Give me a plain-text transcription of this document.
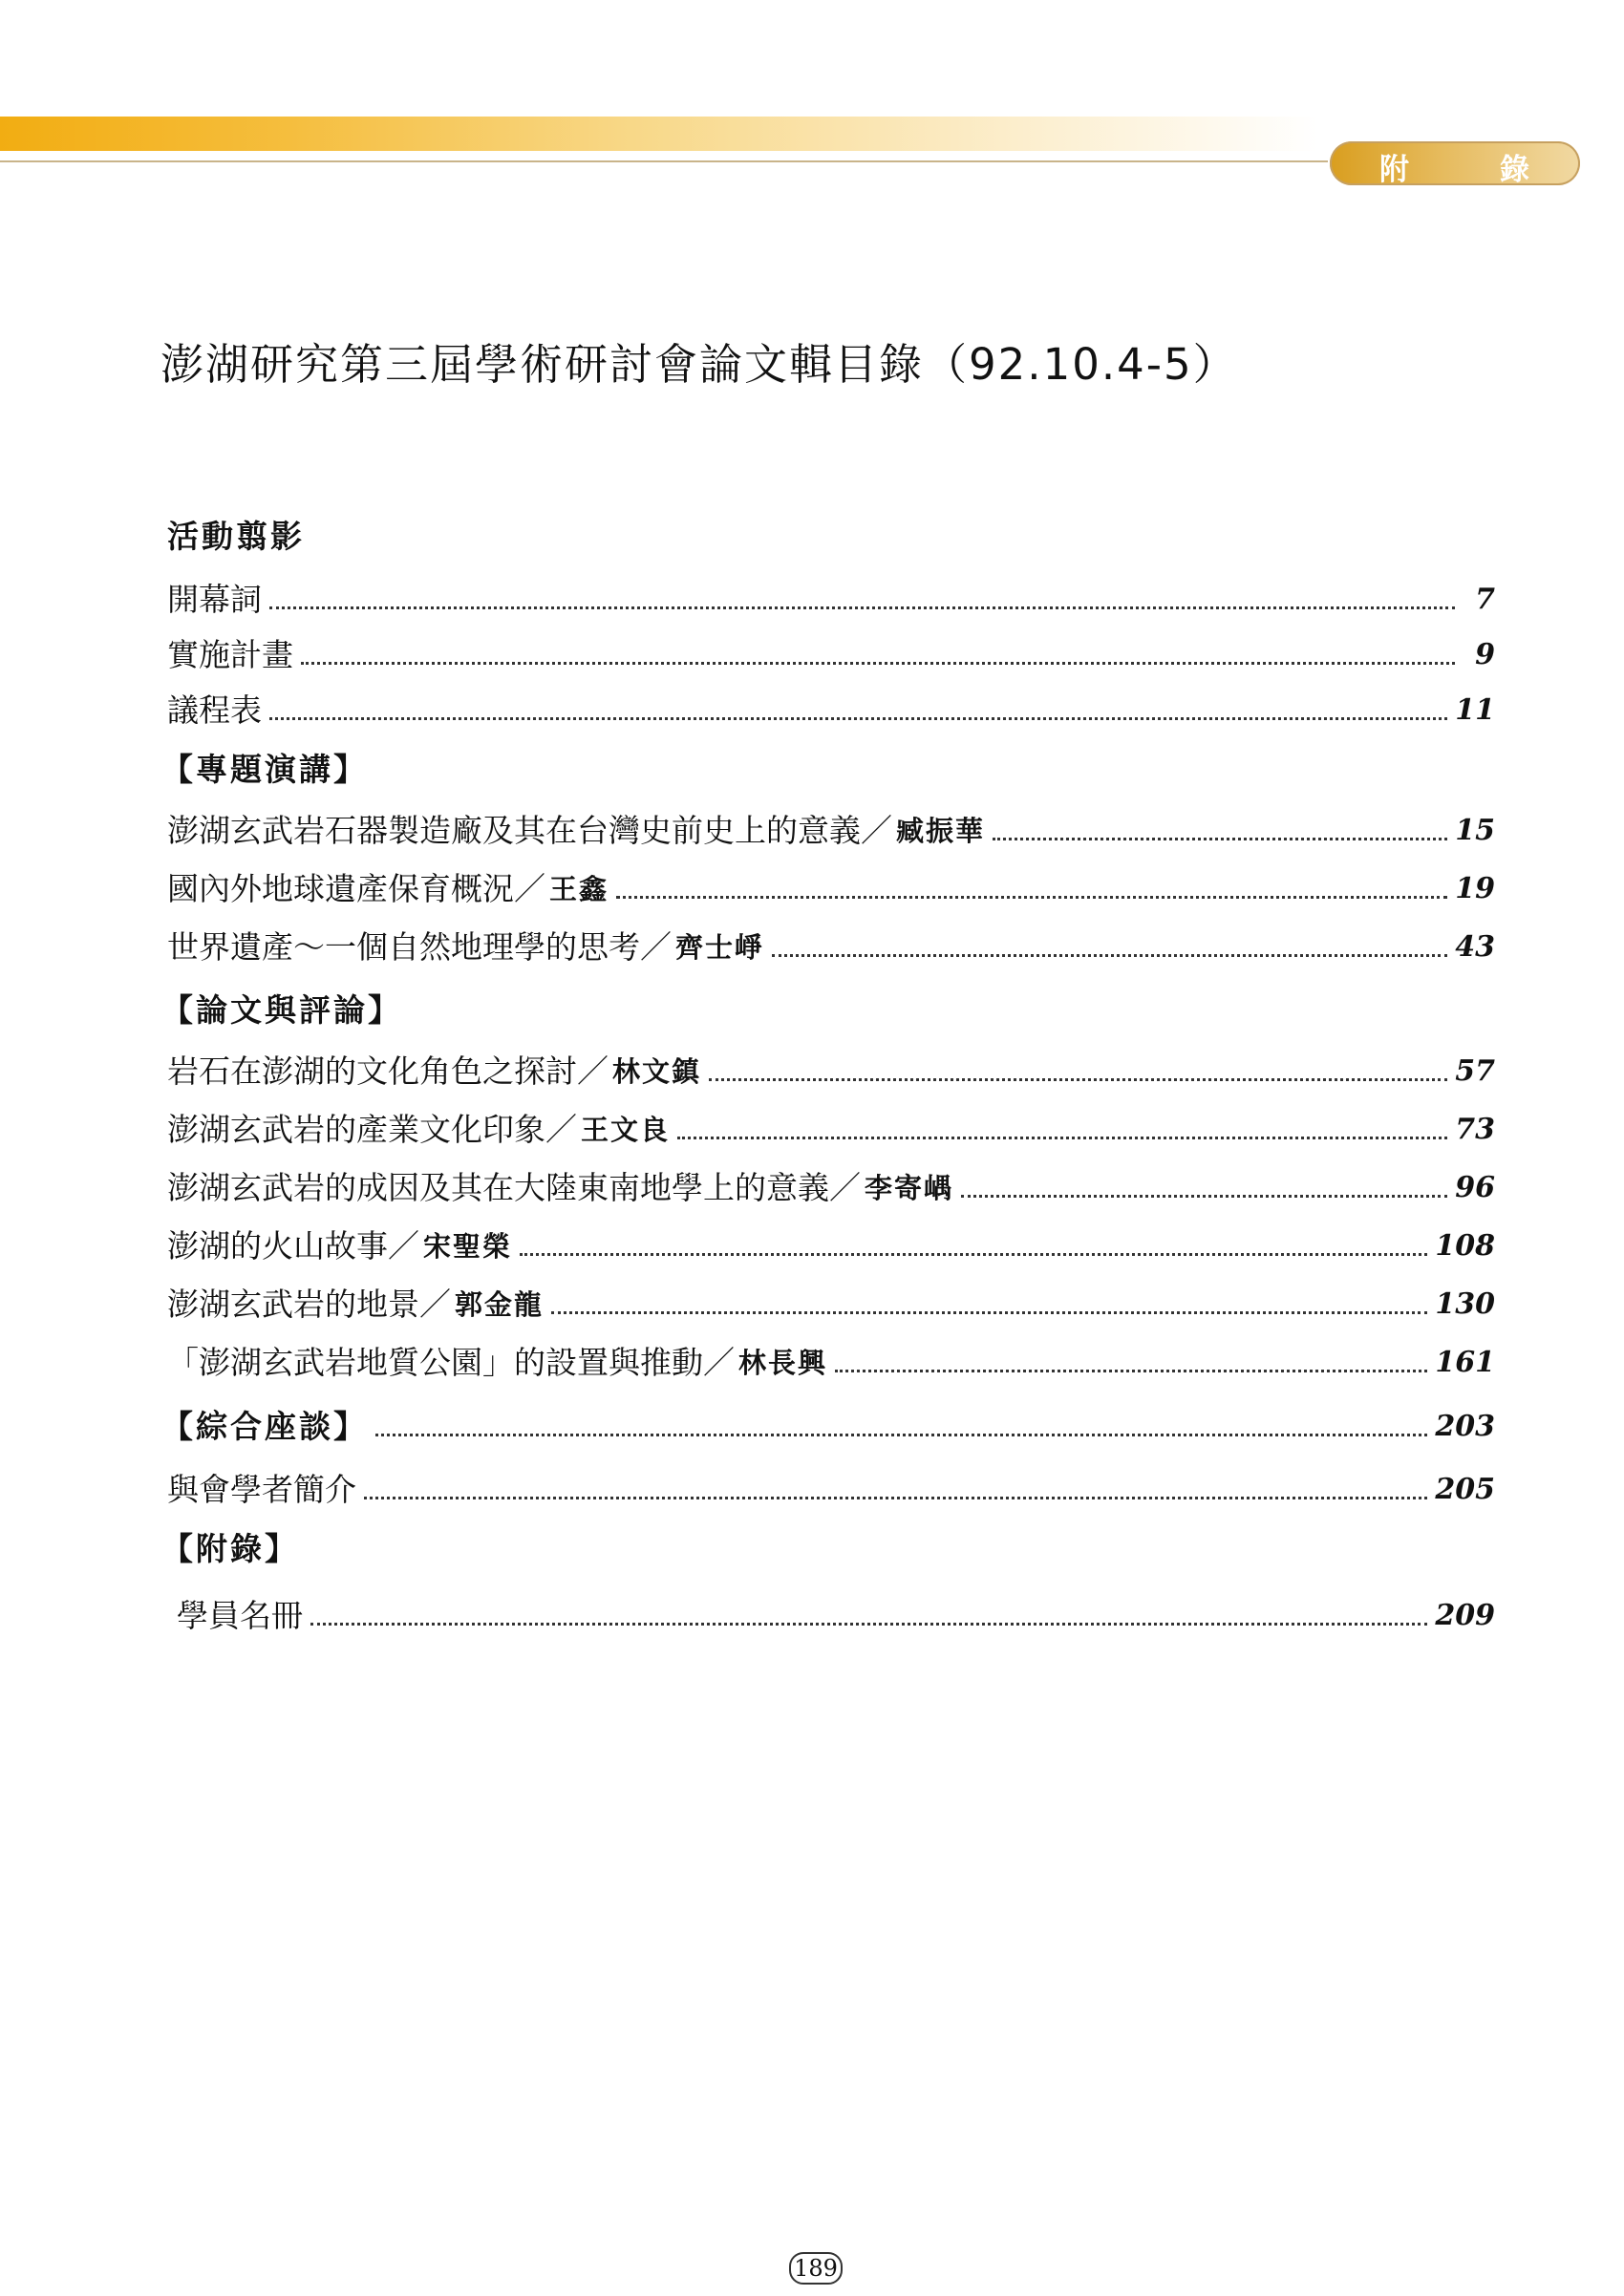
附	錄
澎湖研究第三屆學術研討會論文輯目錄（92.10.4-5）
活動翦影
開幕詞	7
實施計畫	9
議程表	11
【專題演講】
澎湖玄武岩石器製造廠及其在台灣史前史上的意義／ 臧振華	15
國內外地球遺產保育概況／ 王鑫	19
世界遺產～一個自然地理學的思考／ 齊士崢	43
【論文與評論】
岩石在澎湖的文化角色之探討／ 林文鎮	57
澎湖玄武岩的產業文化印象／ 王文良	73
澎湖玄武岩的成因及其在大陸東南地學上的意義／ 李寄嵎	96
澎湖的火山故事／ 宋聖榮	108
澎湖玄武岩的地景／ 郭金龍	130
「澎湖玄武岩地質公園」的設置與推動／ 林長興	161
【綜合座談】	203
與會學者簡介	205
【附錄】
學員名冊	209
189
